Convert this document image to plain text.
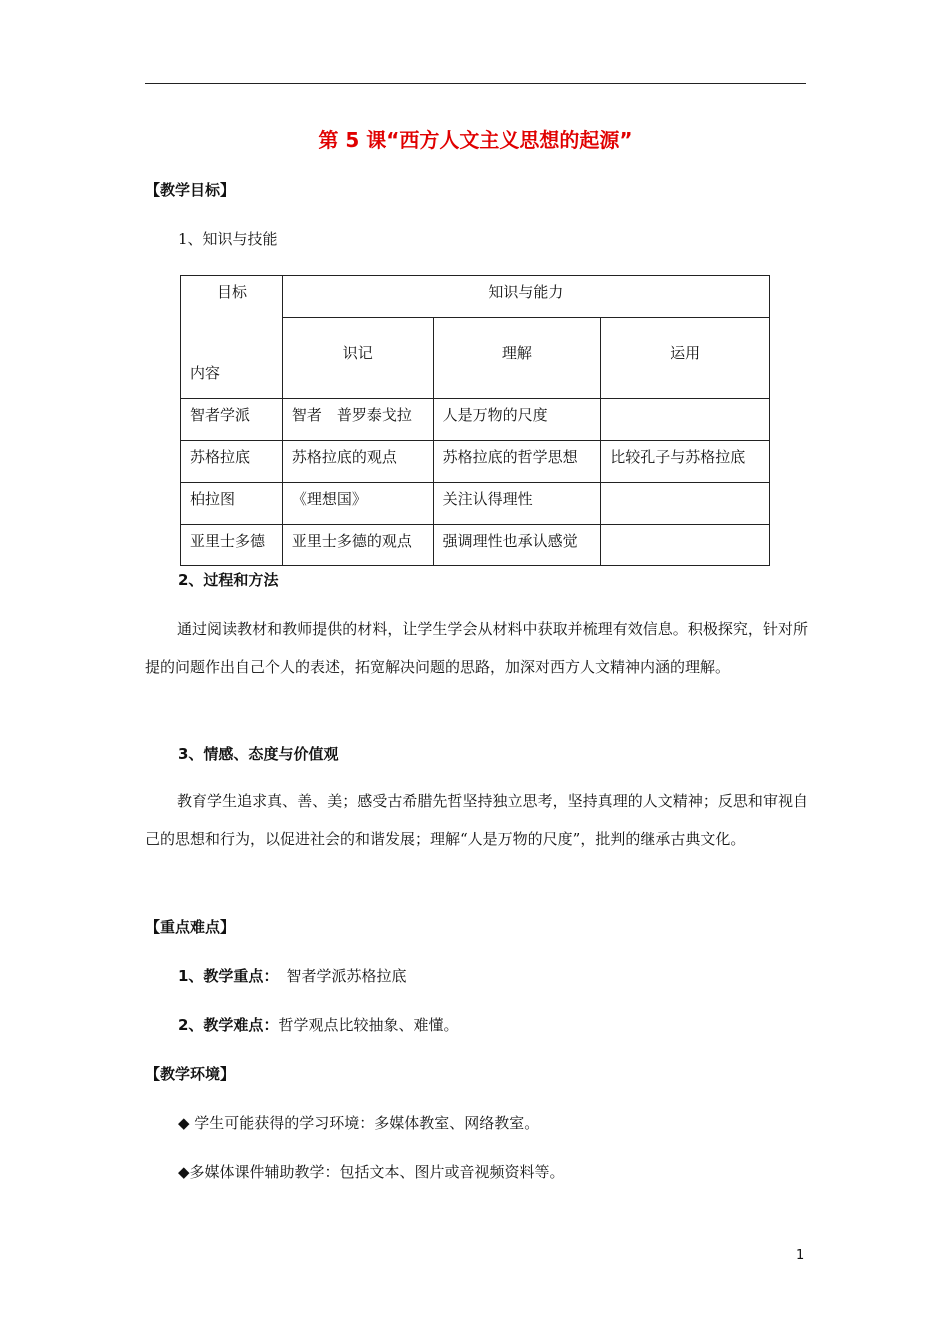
第 5 课“西方人文主义思想的起源”
【教学目标】
1、知识与技能
目标
内容	知识与能力		
	识记	理解	运用
智者学派	智者　普罗泰戈拉	人是万物的尺度	
苏格拉底	苏格拉底的观点	苏格拉底的哲学思想	比较孔子与苏格拉底
柏拉图	《理想国》	关注认得理性	
亚里士多德	亚里士多德的观点	强调理性也承认感觉	
2、过程和方法
通过阅读教材和教师提供的材料，让学生学会从材料中获取并梳理有效信息。积极探究，针对所提的问题作出自己个人的表述，拓宽解决问题的思路，加深对西方人文精神内涵的理解。
3、情感、态度与价值观
教育学生追求真、善、美；感受古希腊先哲坚持独立思考，坚持真理的人文精神；反思和审视自己的思想和行为，以促进社会的和谐发展；理解“人是万物的尺度”，批判的继承古典文化。
【重点难点】
1、教学重点： 智者学派苏格拉底
2、教学难点：哲学观点比较抽象、难懂。
【教学环境】
◆ 学生可能获得的学习环境：多媒体教室、网络教室。
◆多媒体课件辅助教学：包括文本、图片或音视频资料等。
1
